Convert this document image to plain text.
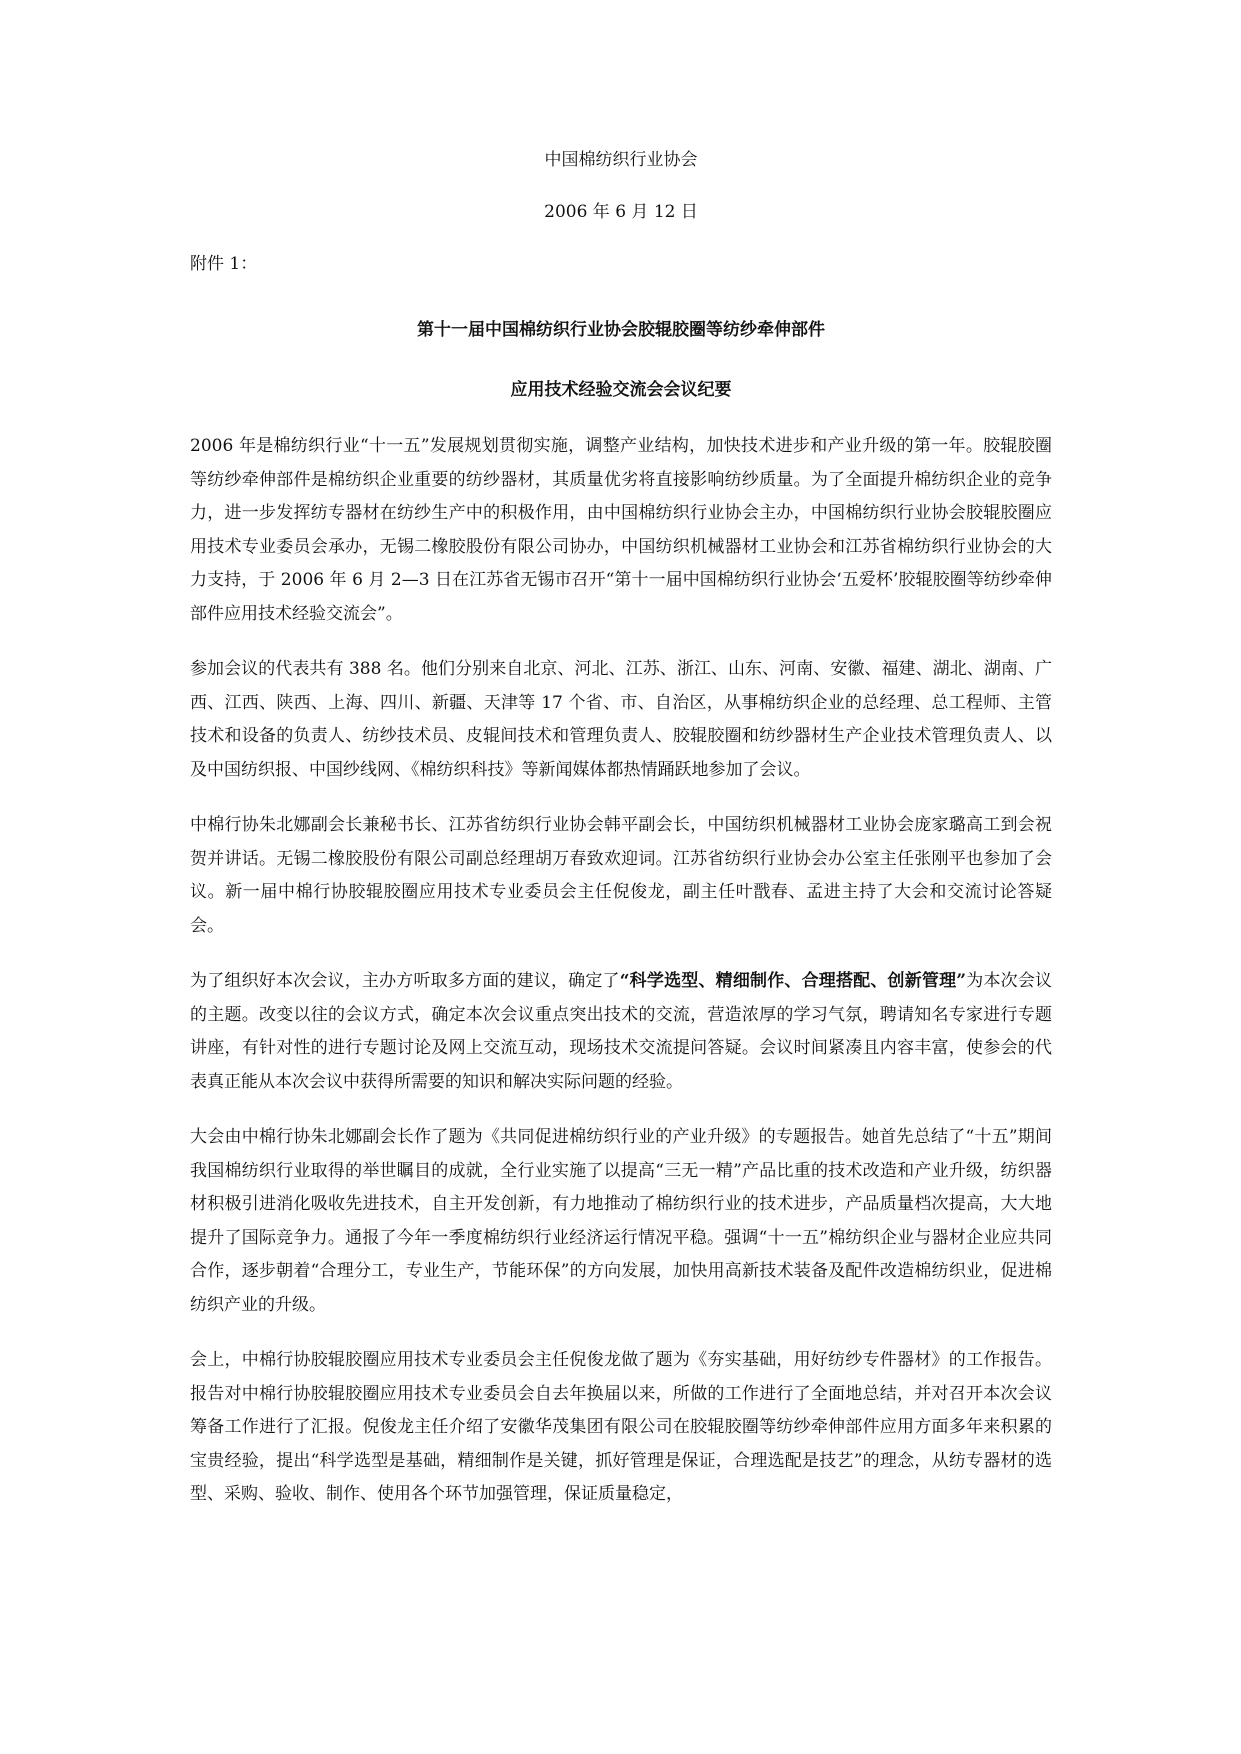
中国棉纺织行业协会

2006 年 6 月 12 日

附件 1：

第十一届中国棉纺织行业协会胶辊胶圈等纺纱牵伸部件

应用技术经验交流会会议纪要

2006 年是棉纺织行业“十一五”发展规划贯彻实施，调整产业结构，加快技术进步和产业升级的第一年。胶辊胶圈等纺纱牵伸部件是棉纺织企业重要的纺纱器材，其质量优劣将直接影响纺纱质量。为了全面提升棉纺织企业的竞争力，进一步发挥纺专器材在纺纱生产中的积极作用，由中国棉纺织行业协会主办，中国棉纺织行业协会胶辊胶圈应用技术专业委员会承办，无锡二橡胶股份有限公司协办，中国纺织机械器材工业协会和江苏省棉纺织行业协会的大力支持，于 2006 年 6 月 2—3 日在江苏省无锡市召开“第十一届中国棉纺织行业协会‘五爱杯’胶辊胶圈等纺纱牵伸部件应用技术经验交流会”。

参加会议的代表共有 388 名。他们分别来自北京、河北、江苏、浙江、山东、河南、安徽、福建、湖北、湖南、广西、江西、陕西、上海、四川、新疆、天津等 17 个省、市、自治区，从事棉纺织企业的总经理、总工程师、主管技术和设备的负责人、纺纱技术员、皮辊间技术和管理负责人、胶辊胶圈和纺纱器材生产企业技术管理负责人、以及中国纺织报、中国纱线网、《棉纺织科技》等新闻媒体都热情踊跃地参加了会议。

中棉行协朱北娜副会长兼秘书长、江苏省纺织行业协会韩平副会长，中国纺织机械器材工业协会庞家璐高工到会祝贺并讲话。无锡二橡胶股份有限公司副总经理胡万春致欢迎词。江苏省纺织行业协会办公室主任张刚平也参加了会议。新一届中棉行协胶辊胶圈应用技术专业委员会主任倪俊龙，副主任叶戬春、孟进主持了大会和交流讨论答疑会。

为了组织好本次会议，主办方听取多方面的建议，确定了“科学选型、精细制作、合理搭配、创新管理”为本次会议的主题。改变以往的会议方式，确定本次会议重点突出技术的交流，营造浓厚的学习气氛，聘请知名专家进行专题讲座，有针对性的进行专题讨论及网上交流互动，现场技术交流提问答疑。会议时间紧凑且内容丰富，使参会的代表真正能从本次会议中获得所需要的知识和解决实际问题的经验。

大会由中棉行协朱北娜副会长作了题为《共同促进棉纺织行业的产业升级》的专题报告。她首先总结了“十五”期间我国棉纺织行业取得的举世瞩目的成就，全行业实施了以提高“三无一精”产品比重的技术改造和产业升级，纺织器材积极引进消化吸收先进技术，自主开发创新，有力地推动了棉纺织行业的技术进步，产品质量档次提高，大大地提升了国际竞争力。通报了今年一季度棉纺织行业经济运行情况平稳。强调“十一五”棉纺织企业与器材企业应共同合作，逐步朝着“合理分工，专业生产，节能环保”的方向发展，加快用高新技术装备及配件改造棉纺织业，促进棉纺织产业的升级。

会上，中棉行协胶辊胶圈应用技术专业委员会主任倪俊龙做了题为《夯实基础，用好纺纱专件器材》的工作报告。报告对中棉行协胶辊胶圈应用技术专业委员会自去年换届以来，所做的工作进行了全面地总结，并对召开本次会议筹备工作进行了汇报。倪俊龙主任介绍了安徽华茂集团有限公司在胶辊胶圈等纺纱牵伸部件应用方面多年来积累的宝贵经验，提出“科学选型是基础，精细制作是关键，抓好管理是保证，合理选配是技艺”的理念，从纺专器材的选型、采购、验收、制作、使用各个环节加强管理，保证质量稳定，
